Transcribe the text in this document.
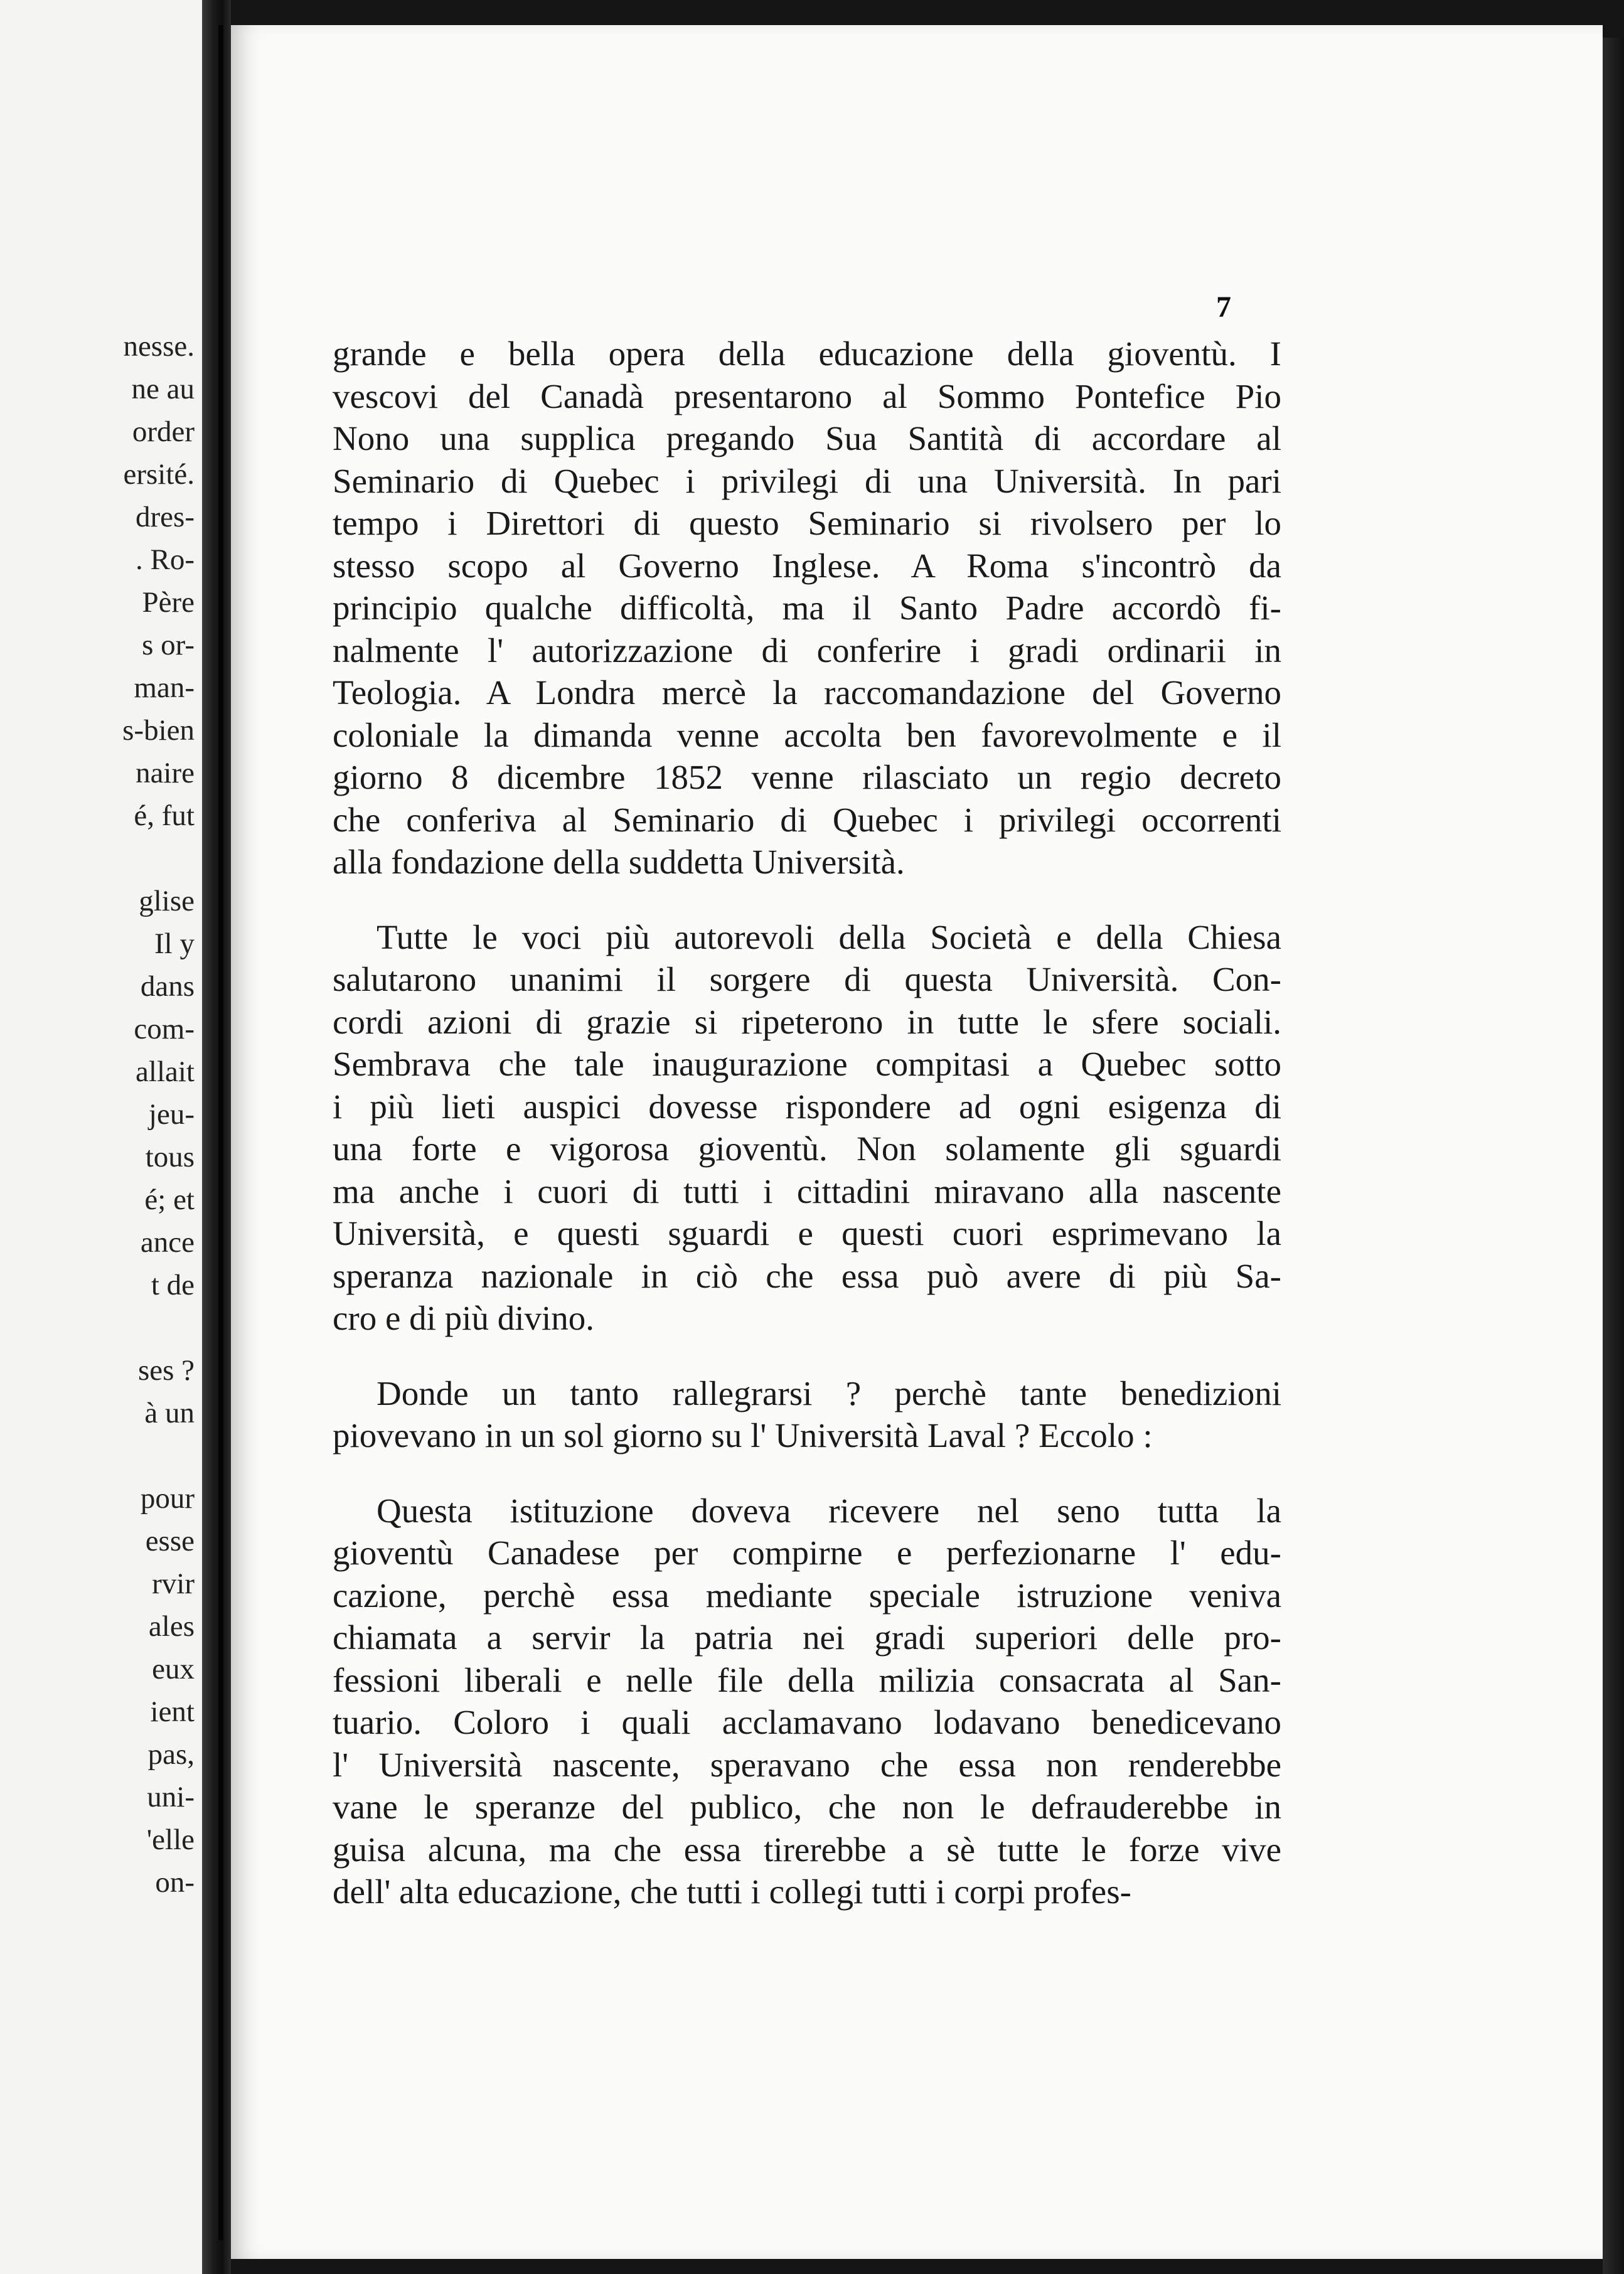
nesse.
ne au
order
ersité.
dres-
. Ro-
Père
s or-
man-
s-bien
naire
é, fut
glise
Il y
dans
com-
allait
jeu-
tous
é; et
ance
t de
ses ?
à un
pour
esse
rvir
ales
eux
ient
pas,
uni-
'elle
on-
7
grande e bella opera della educazione della gioventù. I
vescovi del Canadà presentarono al Sommo Pontefice Pio
Nono una supplica pregando Sua Santità di accordare al
Seminario di Quebec i privilegi di una Università. In pari
tempo i Direttori di questo Seminario si rivolsero per lo
stesso scopo al Governo Inglese. A Roma s'incontrò da
principio qualche difficoltà, ma il Santo Padre accordò fi-
nalmente l' autorizzazione di conferire i gradi ordinarii in
Teologia. A Londra mercè la raccomandazione del Governo
coloniale la dimanda venne accolta ben favorevolmente e il
giorno 8 dicembre 1852 venne rilasciato un regio decreto
che conferiva al Seminario di Quebec i privilegi occorrenti
alla fondazione della suddetta Università.
Tutte le voci più autorevoli della Società e della Chiesa
salutarono unanimi il sorgere di questa Università. Con-
cordi azioni di grazie si ripeterono in tutte le sfere sociali.
Sembrava che tale inaugurazione compitasi a Quebec sotto
i più lieti auspici dovesse rispondere ad ogni esigenza di
una forte e vigorosa gioventù. Non solamente gli sguardi
ma anche i cuori di tutti i cittadini miravano alla nascente
Università, e questi sguardi e questi cuori esprimevano la
speranza nazionale in ciò che essa può avere di più Sa-
cro e di più divino.
Donde un tanto rallegrarsi ? perchè tante benedizioni
piovevano in un sol giorno su l' Università Laval ? Eccolo :
Questa istituzione doveva ricevere nel seno tutta la
gioventù Canadese per compirne e perfezionarne l' edu-
cazione, perchè essa mediante speciale istruzione veniva
chiamata a servir la patria nei gradi superiori delle pro-
fessioni liberali e nelle file della milizia consacrata al San-
tuario. Coloro i quali acclamavano lodavano benedicevano
l' Università nascente, speravano che essa non renderebbe
vane le speranze del publico, che non le defrauderebbe in
guisa alcuna, ma che essa tirerebbe a sè tutte le forze vive
dell' alta educazione, che tutti i collegi tutti i corpi profes-
